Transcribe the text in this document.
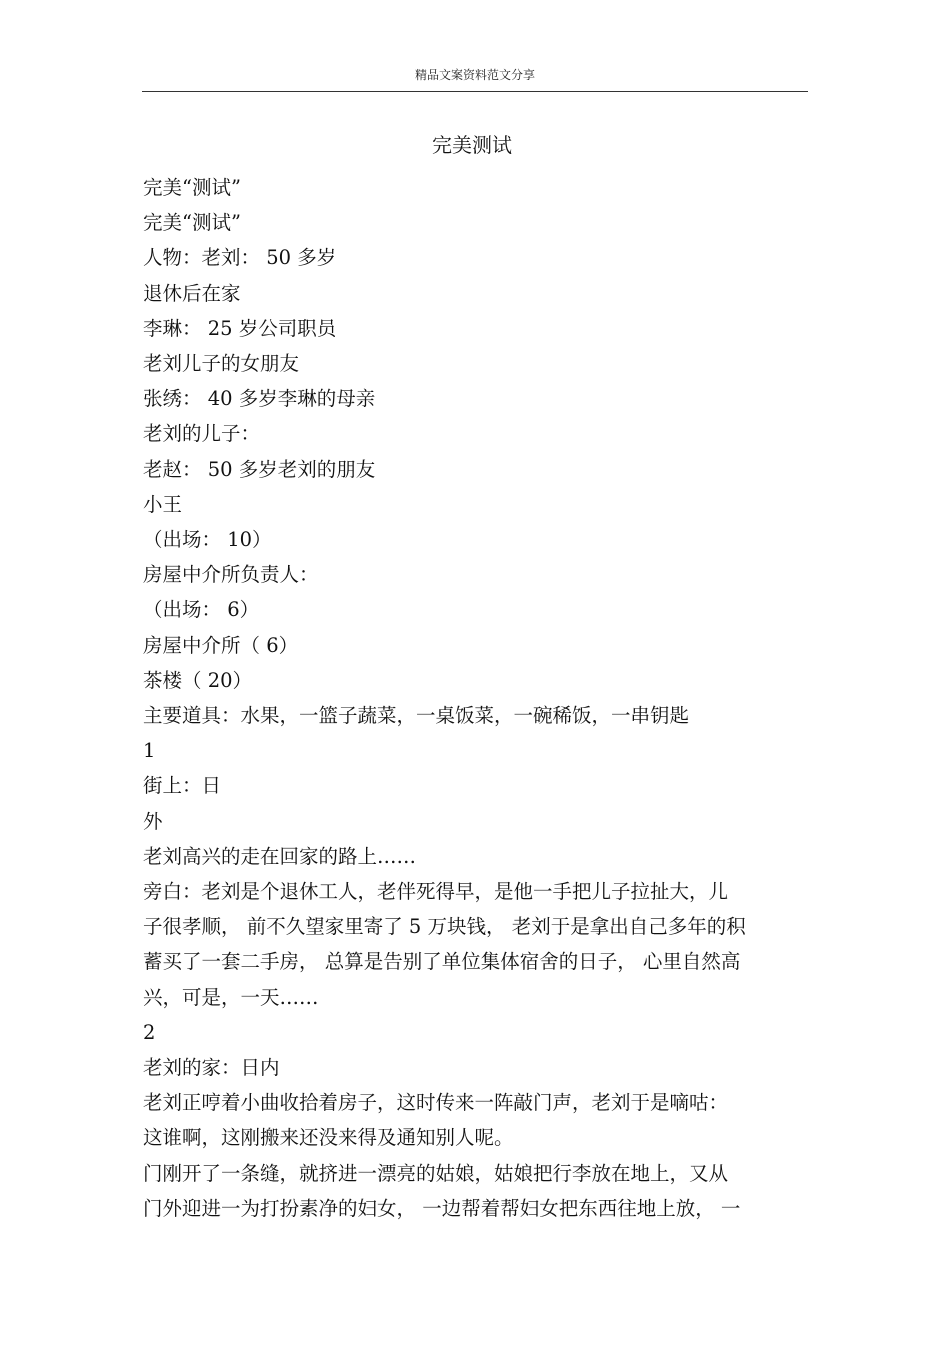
精品文案资料范文分享
完美测试
完美“测试”
完美“测试”
人物：老刘： 50 多岁
退休后在家
李琳： 25 岁公司职员
老刘儿子的女朋友
张绣： 40 多岁李琳的母亲
老刘的儿子：
老赵： 50 多岁老刘的朋友
小王
（出场： 10）
房屋中介所负责人：
（出场： 6）
房屋中介所（ 6）
茶楼（ 20）
主要道具：水果，一篮子蔬菜，一桌饭菜，一碗稀饭，一串钥匙
1
街上：日
外
老刘高兴的走在回家的路上……
旁白：老刘是个退休工人，老伴死得早，是他一手把儿子拉扯大，儿
子很孝顺， 前不久望家里寄了 5 万块钱， 老刘于是拿出自己多年的积
蓄买了一套二手房， 总算是告别了单位集体宿舍的日子， 心里自然高
兴，可是，一天……
2
老刘的家：日内
老刘正哼着小曲收拾着房子，这时传来一阵敲门声，老刘于是嘀咕：
这谁啊，这刚搬来还没来得及通知别人呢。
门刚开了一条缝，就挤进一漂亮的姑娘，姑娘把行李放在地上，又从
门外迎进一为打扮素净的妇女， 一边帮着帮妇女把东西往地上放， 一
